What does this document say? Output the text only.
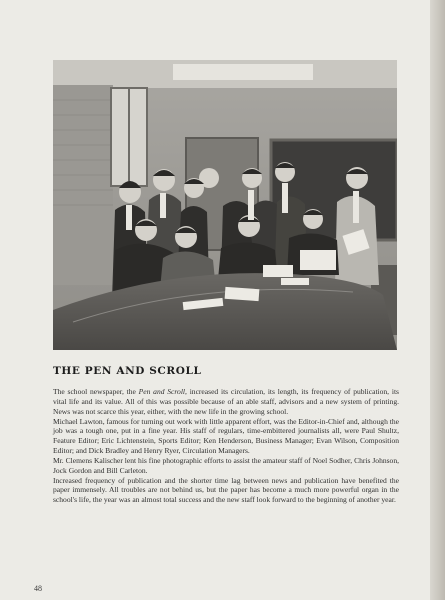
THE PEN AND SCROLL

The school newspaper, the Pen and Scroll, increased its circulation, its length, its frequency of publication, its vital life and its value. All of this was possible because of an able staff, advisors and a new system of printing. News was not scarce this year, either, with the new life in the growing school.

Michael Lawton, famous for turning out work with little apparent effort, was the Editor-in-Chief and, although the job was a tough one, put in a fine year. His staff of regulars, time-embittered journalists all, were Paul Shultz, Feature Editor; Eric Lichtenstein, Sports Editor; Ken Henderson, Business Manager; Evan Wilson, Composition Editor; and Dick Bradley and Henry Ryer, Circulation Managers.

Mr. Clemens Kalischer lent his fine photographic efforts to assist the amateur staff of Noel Sodher, Chris Johnson, Jock Gordon and Bill Carleton.

Increased frequency of publication and the shorter time lag between news and publication have benefited the paper immensely. All troubles are not behind us, but the paper has become a much more powerful organ in the school's life, the year was an almost total success and the new staff look forward to the beginning of another year.

48
